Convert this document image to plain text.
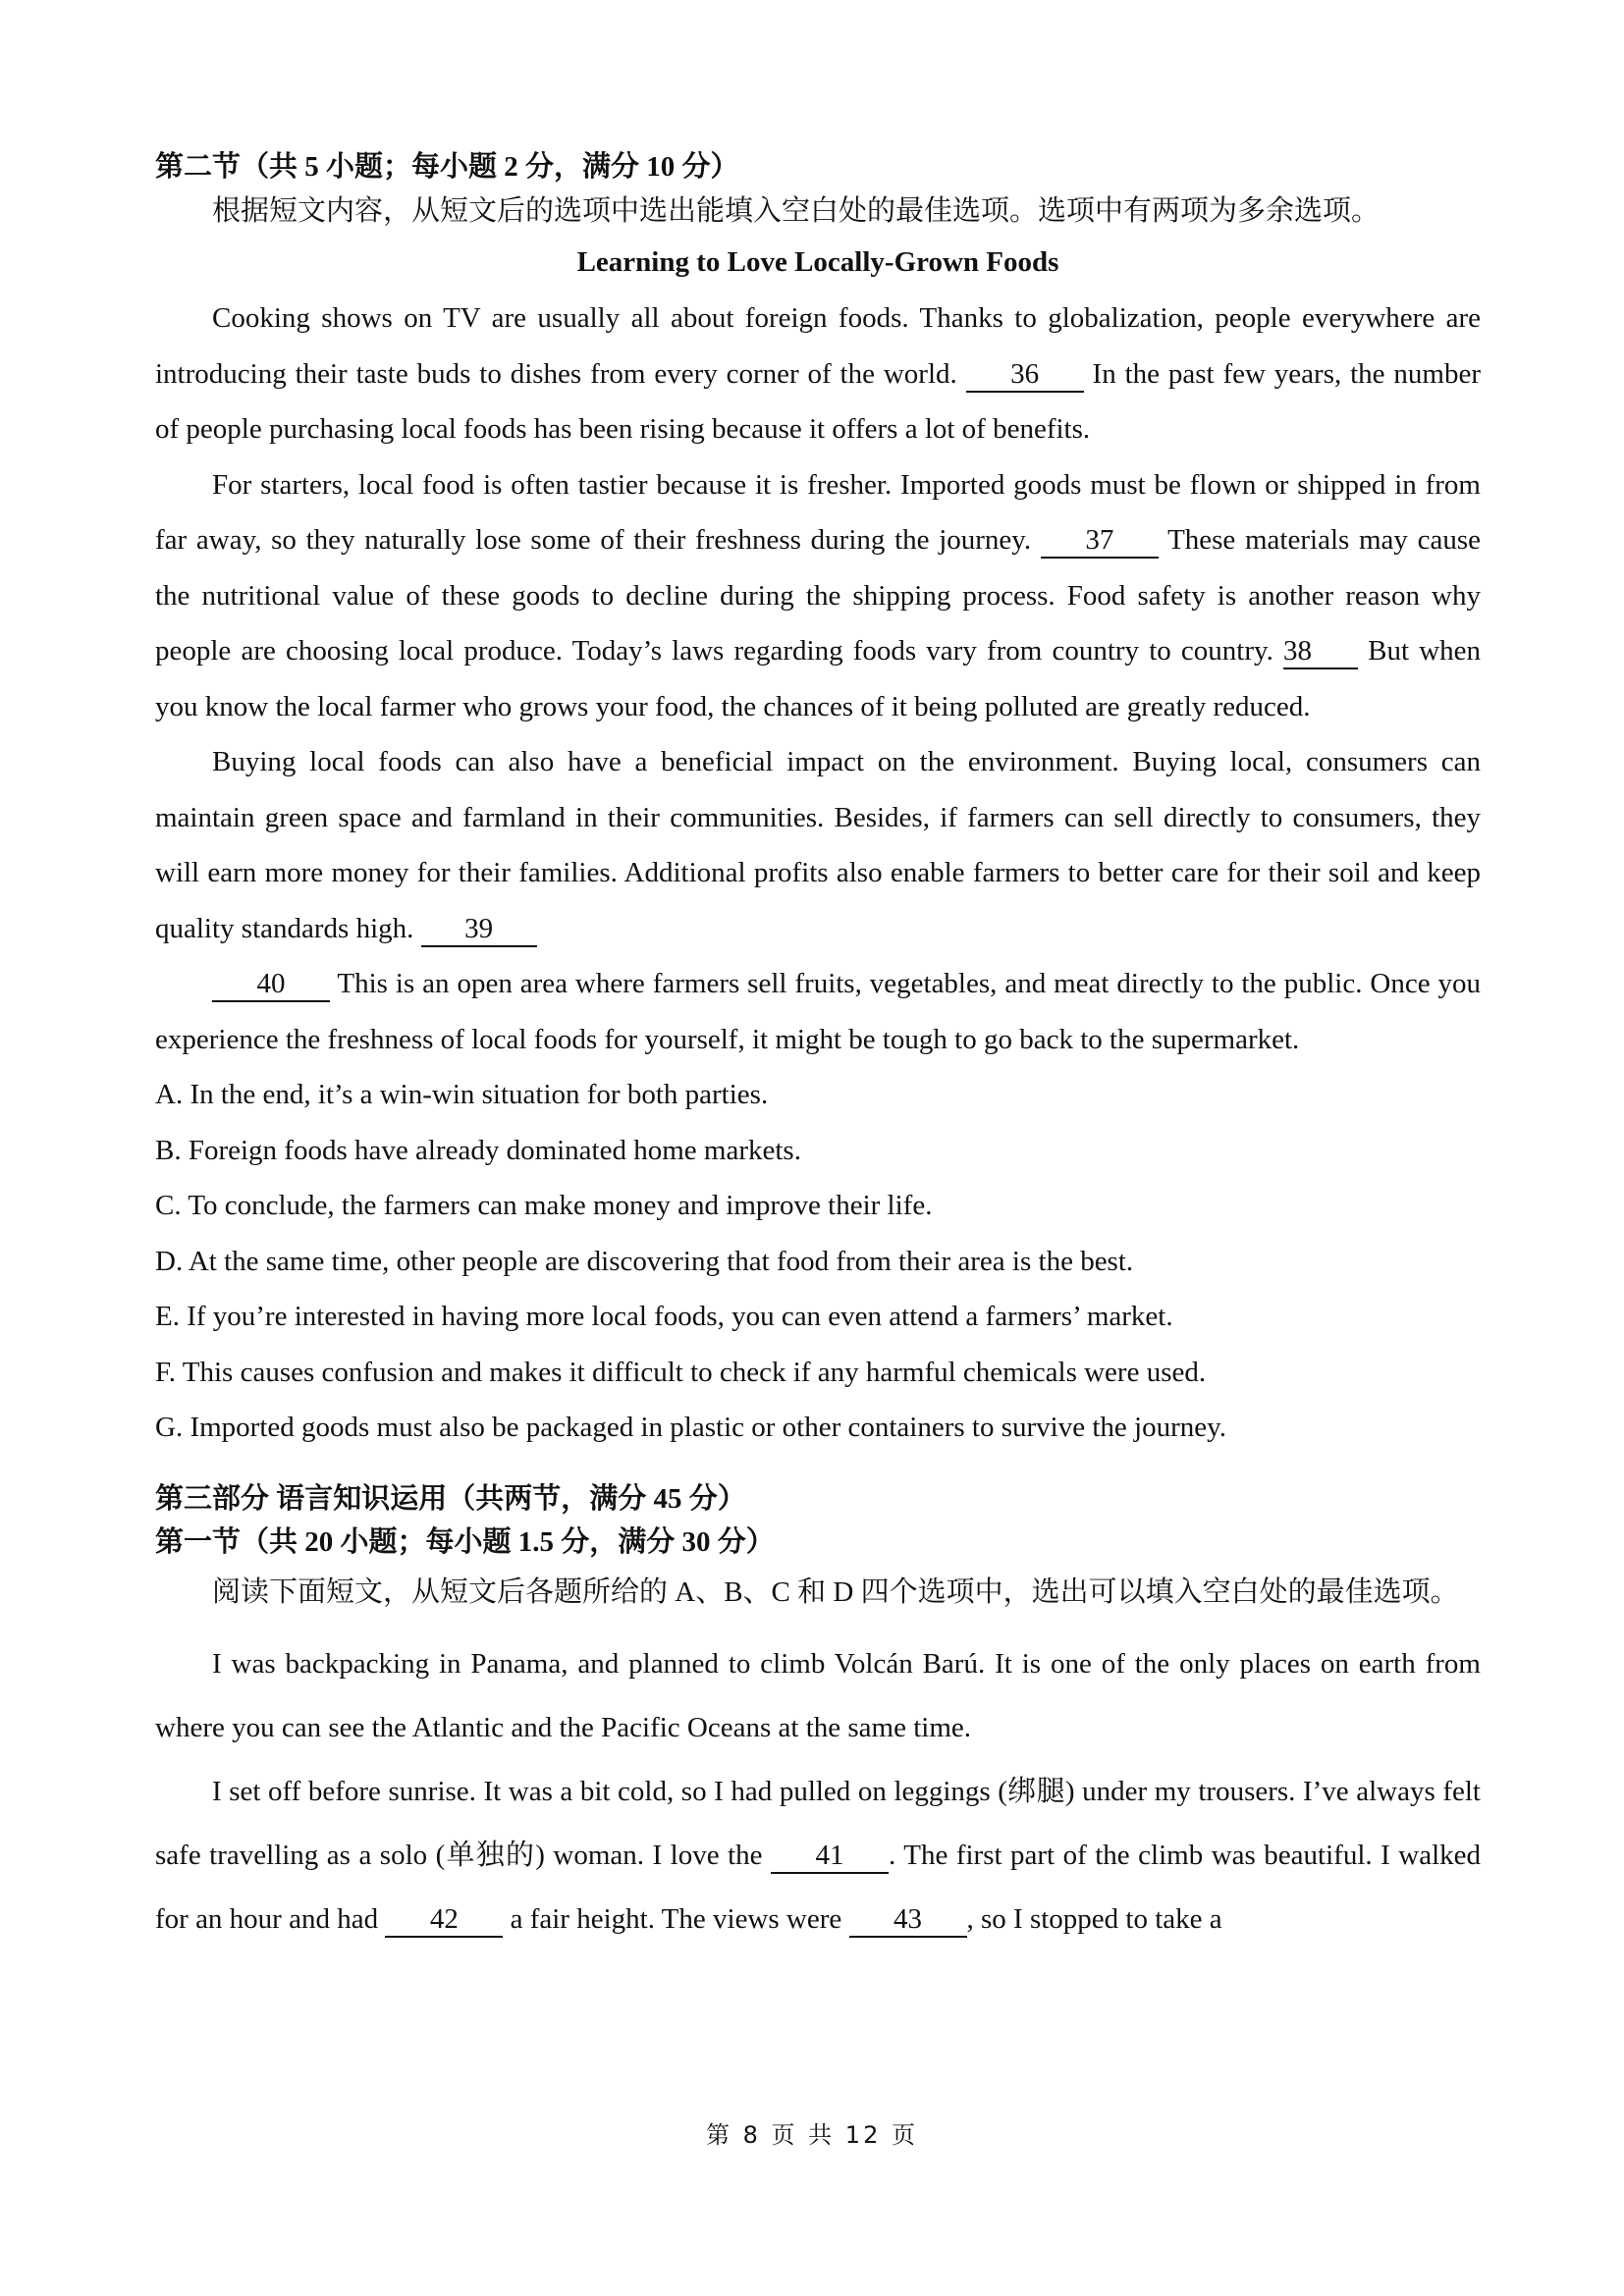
第二节（共 5 小题；每小题 2 分，满分 10 分）

根据短文内容，从短文后的选项中选出能填入空白处的最佳选项。选项中有两项为多余选项。

Learning to Love Locally-Grown Foods

Cooking shows on TV are usually all about foreign foods. Thanks to globalization, people everywhere are introducing their taste buds to dishes from every corner of the world. 36 In the past few years, the number of people purchasing local foods has been rising because it offers a lot of benefits.

For starters, local food is often tastier because it is fresher. Imported goods must be flown or shipped in from far away, so they naturally lose some of their freshness during the journey. 37 These materials may cause the nutritional value of these goods to decline during the shipping process. Food safety is another reason why people are choosing local produce. Today’s laws regarding foods vary from country to country. 38 But when you know the local farmer who grows your food, the chances of it being polluted are greatly reduced.

Buying local foods can also have a beneficial impact on the environment. Buying local, consumers can maintain green space and farmland in their communities. Besides, if farmers can sell directly to consumers, they will earn more money for their families. Additional profits also enable farmers to better care for their soil and keep quality standards high. 39

40 This is an open area where farmers sell fruits, vegetables, and meat directly to the public. Once you experience the freshness of local foods for yourself, it might be tough to go back to the supermarket.

A. In the end, it’s a win-win situation for both parties.

B. Foreign foods have already dominated home markets.

C. To conclude, the farmers can make money and improve their life.

D. At the same time, other people are discovering that food from their area is the best.

E. If you’re interested in having more local foods, you can even attend a farmers’ market.

F. This causes confusion and makes it difficult to check if any harmful chemicals were used.

G. Imported goods must also be packaged in plastic or other containers to survive the journey.

第三部分 语言知识运用（共两节，满分 45 分）

第一节（共 20 小题；每小题 1.5 分，满分 30 分）

阅读下面短文，从短文后各题所给的 A、B、C 和 D 四个选项中，选出可以填入空白处的最佳选项。

I was backpacking in Panama, and planned to climb Volcán Barú. It is one of the only places on earth from where you can see the Atlantic and the Pacific Oceans at the same time.

I set off before sunrise. It was a bit cold, so I had pulled on leggings (绑腿) under my trousers. I’ve always felt safe travelling as a solo (单独的) woman. I love the 41 . The first part of the climb was beautiful. I walked for an hour and had 42 a fair height. The views were 43 , so I stopped to take a

第 8 页 共 12 页
